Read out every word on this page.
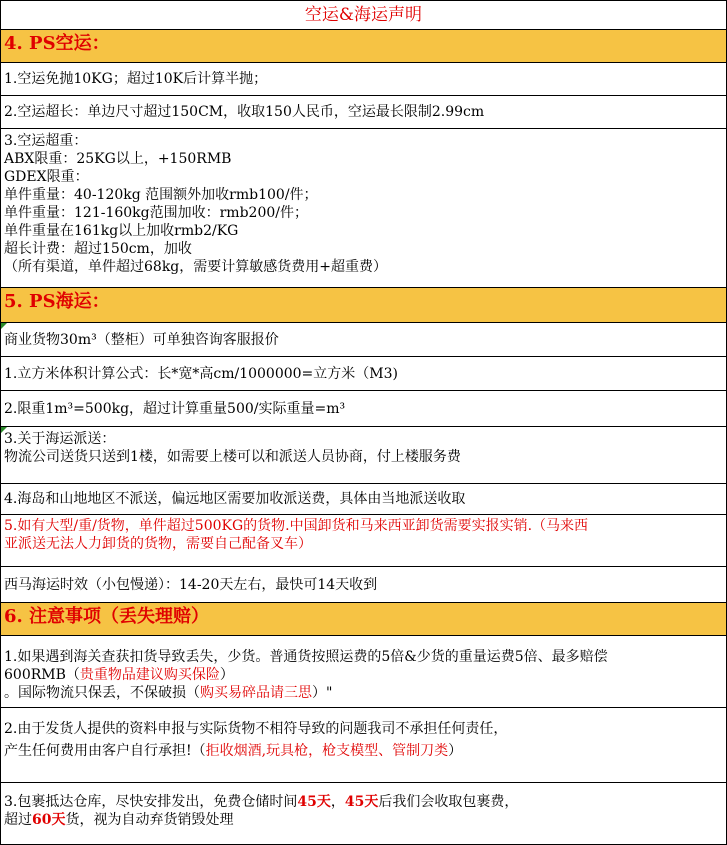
空运&海运声明
4. PS空运：
1.空运免抛10KG；超过10K后计算半抛；
2.空运超长：单边尺寸超过150CM，收取150人民币，空运最长限制2.99cm
3.空运超重：
ABX限重：25KG以上，+150RMB
GDEX限重：
单件重量：40-120kg 范围额外加收rmb100/件；
单件重量：121-160kg范围加收：rmb200/件；
单件重量在161kg以上加收rmb2/KG
超长计费：超过150cm，加收
（所有渠道，单件超过68kg，需要计算敏感货费用+超重费）
5. PS海运：
商业货物30m³（整柜）可单独咨询客服报价
1.立方米体积计算公式：长*宽*高cm/1000000=立方米（M3)
2.限重1m³=500kg，超过计算重量500/实际重量=m³
3.关于海运派送：
物流公司送货只送到1楼，如需要上楼可以和派送人员协商，付上楼服务费
4.海岛和山地地区不派送，偏远地区需要加收派送费，具体由当地派送收取
5.如有大型/重/货物，单件超过500KG的货物.中国卸货和马来西亚卸货需要实报实销.（马来西
亚派送无法人力卸货的货物，需要自己配备叉车）
西马海运时效（小包慢递）：14-20天左右，最快可14天收到
6. 注意事项（丢失理赔）
1.如果遇到海关查获扣货导致丢失，少货。普通货按照运费的5倍&少货的重量运费5倍、最多赔偿
600RMB（贵重物品建议购买保险）
。国际物流只保丢，不保破损（购买易碎品请三思）"
2.由于发货人提供的资料申报与实际货物不相符导致的问题我司不承担任何责任，
产生任何费用由客户自行承担!（拒收烟酒,玩具枪，枪支模型、管制刀类）
3.包裹抵达仓库，尽快安排发出，免费仓储时间45天，45天后我们会收取包裹费，
超过60天货，视为自动弃货销毁处理
